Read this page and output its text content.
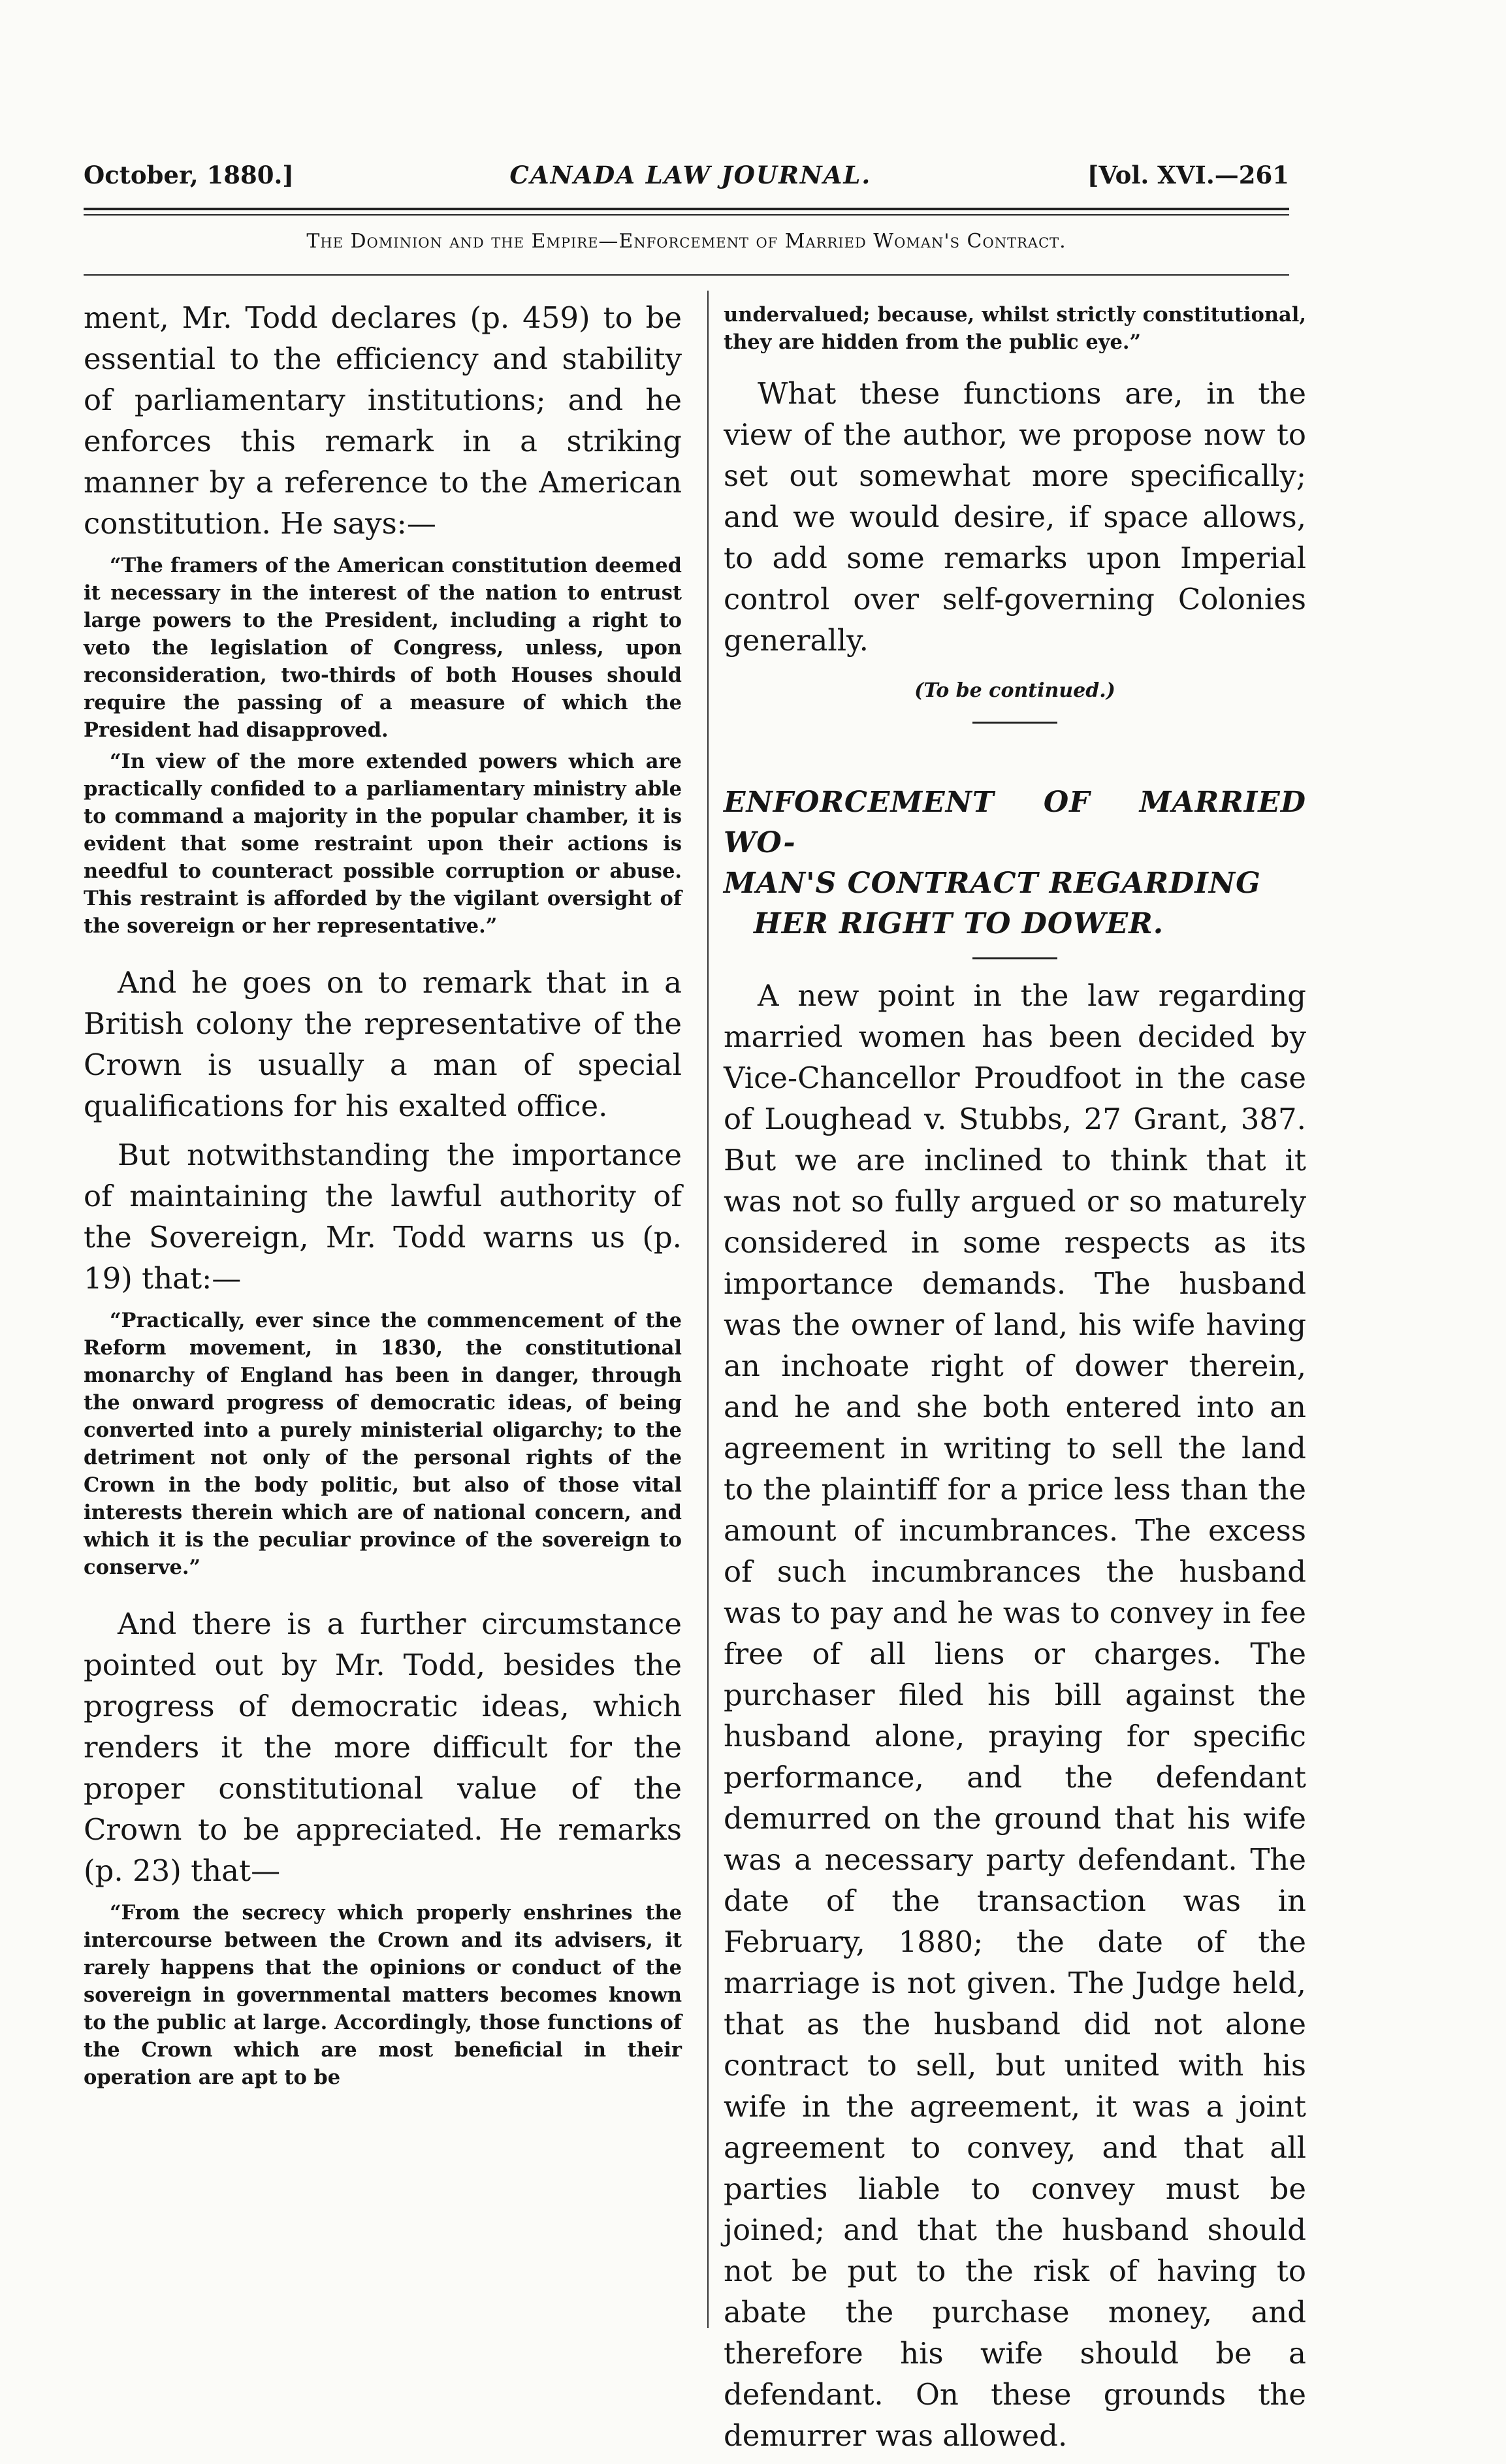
October, 1880.]	CANADA LAW JOURNAL.	[Vol. XVI.—261
The Dominion and the Empire—Enforcement of Married Woman's Contract.

ment, Mr. Todd declares (p. 459) to be essential to the efficiency and stability of parliamentary institutions; and he enforces this remark in a striking manner by a reference to the American constitution. He says:—

“The framers of the American constitution deemed it necessary in the interest of the nation to entrust large powers to the President, including a right to veto the legislation of Congress, unless, upon reconsideration, two-thirds of both Houses should require the passing of a measure of which the President had disapproved.

“In view of the more extended powers which are practically confided to a parliamentary ministry able to command a majority in the popular chamber, it is evident that some restraint upon their actions is needful to counteract possible corruption or abuse. This restraint is afforded by the vigilant oversight of the sovereign or her representative.”

And he goes on to remark that in a British colony the representative of the Crown is usually a man of special qualifications for his exalted office.

But notwithstanding the importance of maintaining the lawful authority of the Sovereign, Mr. Todd warns us (p. 19) that:—

“Practically, ever since the commencement of the Reform movement, in 1830, the constitutional monarchy of England has been in danger, through the onward progress of democratic ideas, of being converted into a purely ministerial oligarchy; to the detriment not only of the personal rights of the Crown in the body politic, but also of those vital interests therein which are of national concern, and which it is the peculiar province of the sovereign to conserve.”

And there is a further circumstance pointed out by Mr. Todd, besides the progress of democratic ideas, which renders it the more difficult for the proper constitutional value of the Crown to be appreciated. He remarks (p. 23) that—

“From the secrecy which properly enshrines the intercourse between the Crown and its advisers, it rarely happens that the opinions or conduct of the sovereign in governmental matters becomes known to the public at large. Accordingly, those functions of the Crown which are most beneficial in their operation are apt to be

undervalued; because, whilst strictly constitutional, they are hidden from the public eye.”

What these functions are, in the view of the author, we propose now to set out somewhat more specifically; and we would desire, if space allows, to add some remarks upon Imperial control over self-governing Colonies generally.

(To be continued.)
ENFORCEMENT OF MARRIED WO-
MAN'S CONTRACT REGARDING
HER RIGHT TO DOWER.

A new point in the law regarding married women has been decided by Vice-Chancellor Proudfoot in the case of Loughead v. Stubbs, 27 Grant, 387. But we are inclined to think that it was not so fully argued or so maturely considered in some respects as its importance demands. The husband was the owner of land, his wife having an inchoate right of dower therein, and he and she both entered into an agreement in writing to sell the land to the plaintiff for a price less than the amount of incumbrances. The excess of such incumbrances the husband was to pay and he was to convey in fee free of all liens or charges. The purchaser filed his bill against the husband alone, praying for specific performance, and the defendant demurred on the ground that his wife was a necessary party defendant. The date of the transaction was in February, 1880; the date of the marriage is not given. The Judge held, that as the husband did not alone contract to sell, but united with his wife in the agreement, it was a joint agreement to convey, and that all parties liable to convey must be joined; and that the husband should not be put to the risk of having to abate the purchase money, and therefore his wife should be a defendant. On these grounds the demurrer was allowed.
